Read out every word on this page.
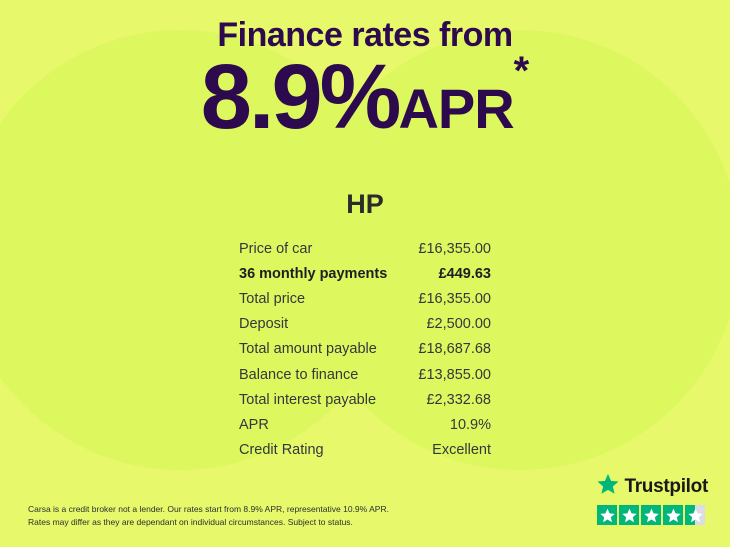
Finance rates from
8.9%APR*
HP
Price of car	£16,355.00
36 monthly payments	£449.63
Total price	£16,355.00
Deposit	£2,500.00
Total amount payable	£18,687.68
Balance to finance	£13,855.00
Total interest payable	£2,332.68
APR	10.9%
Credit Rating	Excellent
Carsa is a credit broker not a lender. Our rates start from 8.9% APR, representative 10.9% APR.
Rates may differ as they are dependant on individual circumstances. Subject to status.
Trustpilot
